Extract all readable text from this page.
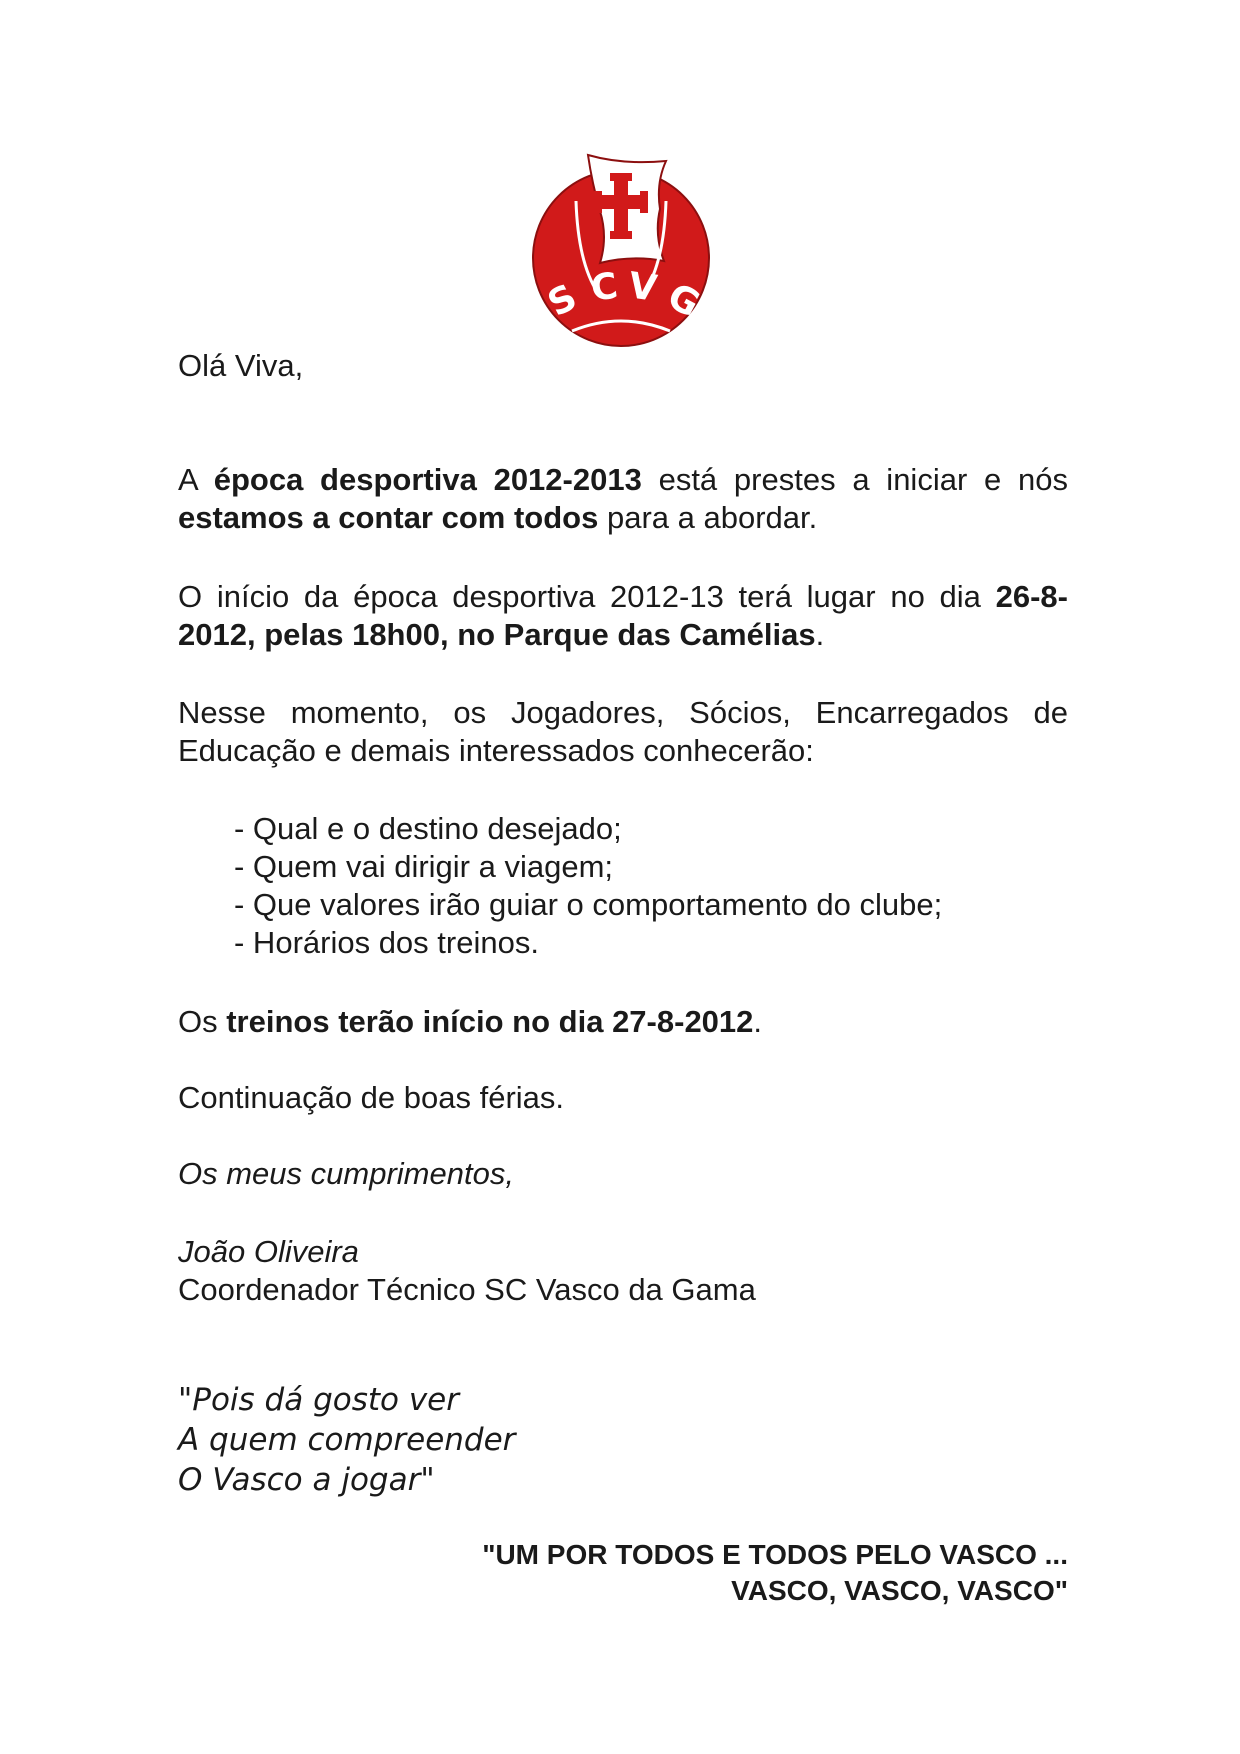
S C V G

Olá Viva,

A época desportiva 2012-2013 está prestes a iniciar e nós estamos a contar com todos para a abordar.

O início da época desportiva 2012-13 terá lugar no dia 26-8-2012, pelas 18h00, no Parque das Camélias.

Nesse momento, os Jogadores, Sócios, Encarregados de Educação e demais interessados conhecerão:

- Qual e o destino desejado;
- Quem vai dirigir a viagem;
- Que valores irão guiar o comportamento do clube;
- Horários dos treinos.

Os treinos terão início no dia 27-8-2012.

Continuação de boas férias.

Os meus cumprimentos,

João Oliveira

Coordenador Técnico SC Vasco da Gama

"Pois dá gosto ver
A quem compreender
O Vasco a jogar"
"UM POR TODOS E TODOS PELO VASCO ...
VASCO, VASCO, VASCO"
